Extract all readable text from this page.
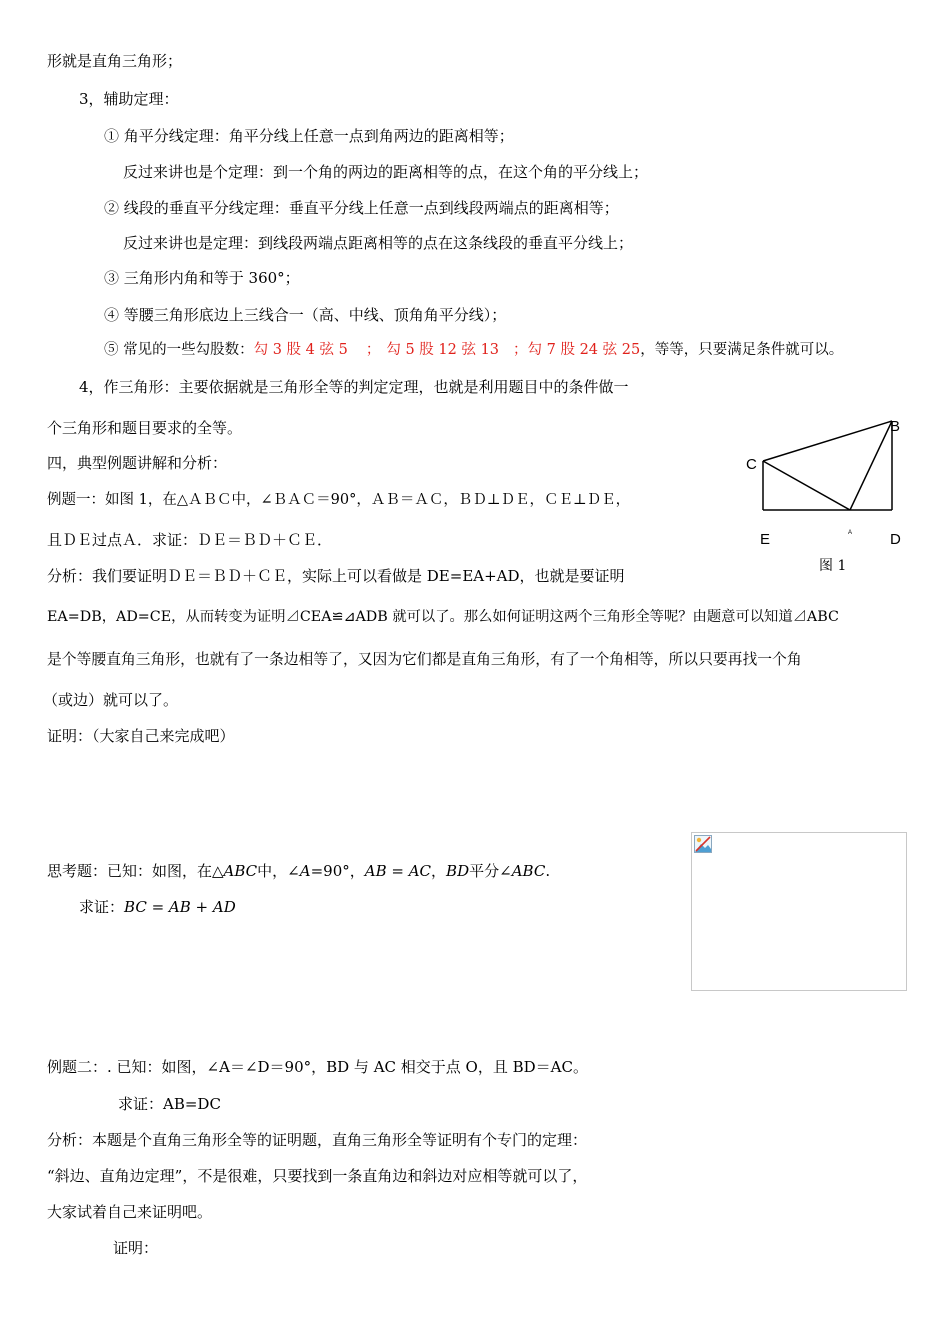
形就是直角三角形；
3，辅助定理：
① 角平分线定理：角平分线上任意一点到角两边的距离相等；
反过来讲也是个定理：到一个角的两边的距离相等的点，在这个角的平分线上；
② 线段的垂直平分线定理：垂直平分线上任意一点到线段两端点的距离相等；
反过来讲也是定理：到线段两端点距离相等的点在这条线段的垂直平分线上；
③ 三角形内角和等于 360°；
④ 等腰三角形底边上三线合一（高、中线、顶角角平分线）；
⑤ 常见的一些勾股数：勾 3 股 4 弦 5 ； 勾 5 股 12 弦 13 ；勾 7 股 24 弦 25，等等，只要满足条件就可以。
4，作三角形：主要依据就是三角形全等的判定定理，也就是利用题目中的条件做一
个三角形和题目要求的全等。
四，典型例题讲解和分析：
例题一：如图 1，在△ＡＢＣ中，∠ＢＡＣ＝90°，ＡＢ＝ＡＣ，ＢＤ⊥ＤＥ，ＣＥ⊥ＤＥ，
且ＤＥ过点Ａ．求证：ＤＥ＝ＢＤ＋ＣＥ．
分析：我们要证明ＤＥ＝ＢＤ＋ＣＥ，实际上可以看做是 DE=EA+AD，也就是要证明
EA=DB，AD=CE，从而转变为证明⊿CEA≌⊿ADB 就可以了。那么如何证明这两个三角形全等呢？由题意可以知道⊿ABC
是个等腰直角三角形，也就有了一条边相等了，又因为它们都是直角三角形，有了一个角相等，所以只要再找一个角
（或边）就可以了。
证明：（大家自己来完成吧）
B
C
E	A	D
图 1
思考题：已知：如图，在△ABC中，∠A=90°，AB = AC，BD平分∠ABC.
求证：BC = AB + AD
例题二：. 已知：如图，∠A＝∠D＝90°，BD 与 AC 相交于点 O，且 BD＝AC。
求证：AB=DC
分析：本题是个直角三角形全等的证明题，直角三角形全等证明有个专门的定理：
“斜边、直角边定理”，不是很难，只要找到一条直角边和斜边对应相等就可以了，
大家试着自己来证明吧。
证明：
